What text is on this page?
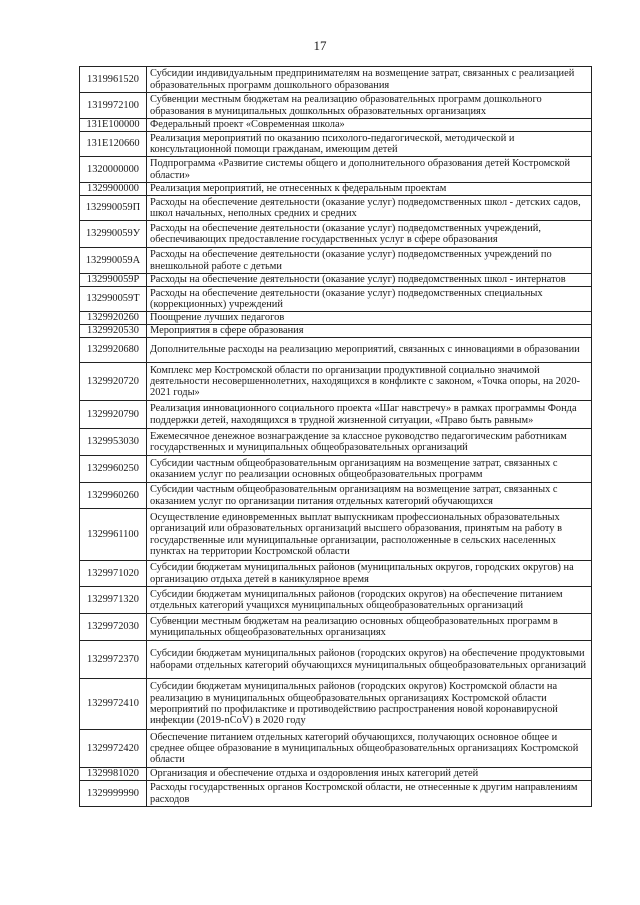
17
1319961520	Субсидии индивидуальным предпринимателям на возмещение затрат, связанных с реализацией образовательных программ дошкольного образования
1319972100	Субвенции местным бюджетам на реализацию образовательных программ дошкольного образования в муниципальных дошкольных образовательных организациях
131E100000	Федеральный проект «Современная школа»
131E120660	Реализация мероприятий по оказанию психолого-педагогической, методической и консультационной помощи гражданам, имеющим детей
1320000000	Подпрограмма «Развитие системы общего и дополнительного образования детей Костромской области»
1329900000	Реализация мероприятий, не отнесенных к федеральным проектам
132990059П	Расходы на обеспечение деятельности (оказание услуг) подведомственных школ - детских садов, школ начальных, неполных средних и средних
132990059У	Расходы на обеспечение деятельности (оказание услуг) подведомственных учреждений, обеспечивающих предоставление государственных услуг в сфере образования
132990059А	Расходы на обеспечение деятельности (оказание услуг) подведомственных учреждений по внешкольной работе с детьми
132990059Р	Расходы на обеспечение деятельности (оказание услуг) подведомственных школ - интернатов
132990059Т	Расходы на обеспечение деятельности (оказание услуг) подведомственных специальных (коррекционных) учреждений
1329920260	Поощрение лучших педагогов
1329920530	Мероприятия в сфере образования
1329920680	Дополнительные расходы на реализацию мероприятий, связанных с инновациями в образовании
1329920720	Комплекс мер Костромской области по организации продуктивной социально значимой деятельности несовершеннолетних, находящихся в конфликте с законом, «Точка опоры, на 2020-2021 годы»
1329920790	Реализация инновационного социального проекта «Шаг навстречу» в рамках программы Фонда поддержки детей, находящихся в трудной жизненной ситуации, «Право быть равным»
1329953030	Ежемесячное денежное вознаграждение за классное руководство педагогическим работникам государственных и муниципальных общеобразовательных организаций
1329960250	Субсидии частным общеобразовательным организациям на возмещение затрат, связанных с оказанием услуг по реализации основных общеобразовательных программ
1329960260	Субсидии частным общеобразовательным организациям на возмещение затрат, связанных с оказанием услуг по организации питания отдельных категорий обучающихся
1329961100	Осуществление единовременных выплат выпускникам профессиональных образовательных организаций или образовательных организаций высшего образования, принятым на работу в государственные или муниципальные организации, расположенные в сельских населенных пунктах на территории Костромской области
1329971020	Субсидии бюджетам муниципальных районов (муниципальных округов, городских округов) на организацию отдыха детей в каникулярное время
1329971320	Субсидии бюджетам муниципальных районов (городских округов) на обеспечение питанием отдельных категорий учащихся муниципальных общеобразовательных организаций
1329972030	Субвенции местным бюджетам на реализацию основных общеобразовательных программ в муниципальных общеобразовательных организациях
1329972370	Субсидии бюджетам муниципальных районов (городских округов) на обеспечение продуктовыми наборами отдельных категорий обучающихся муниципальных общеобразовательных организаций
1329972410	Субсидии бюджетам муниципальных районов (городских округов) Костромской области на реализацию в муниципальных общеобразовательных организациях Костромской области мероприятий по профилактике и противодействию распространения новой коронавирусной инфекции (2019-nCoV) в 2020 году
1329972420	Обеспечение питанием отдельных категорий обучающихся, получающих основное общее и среднее общее образование в муниципальных общеобразовательных организациях Костромской области
1329981020	Организация и обеспечение отдыха и оздоровления иных категорий детей
1329999990	Расходы государственных органов Костромской области, не отнесенные к другим направлениям расходов
